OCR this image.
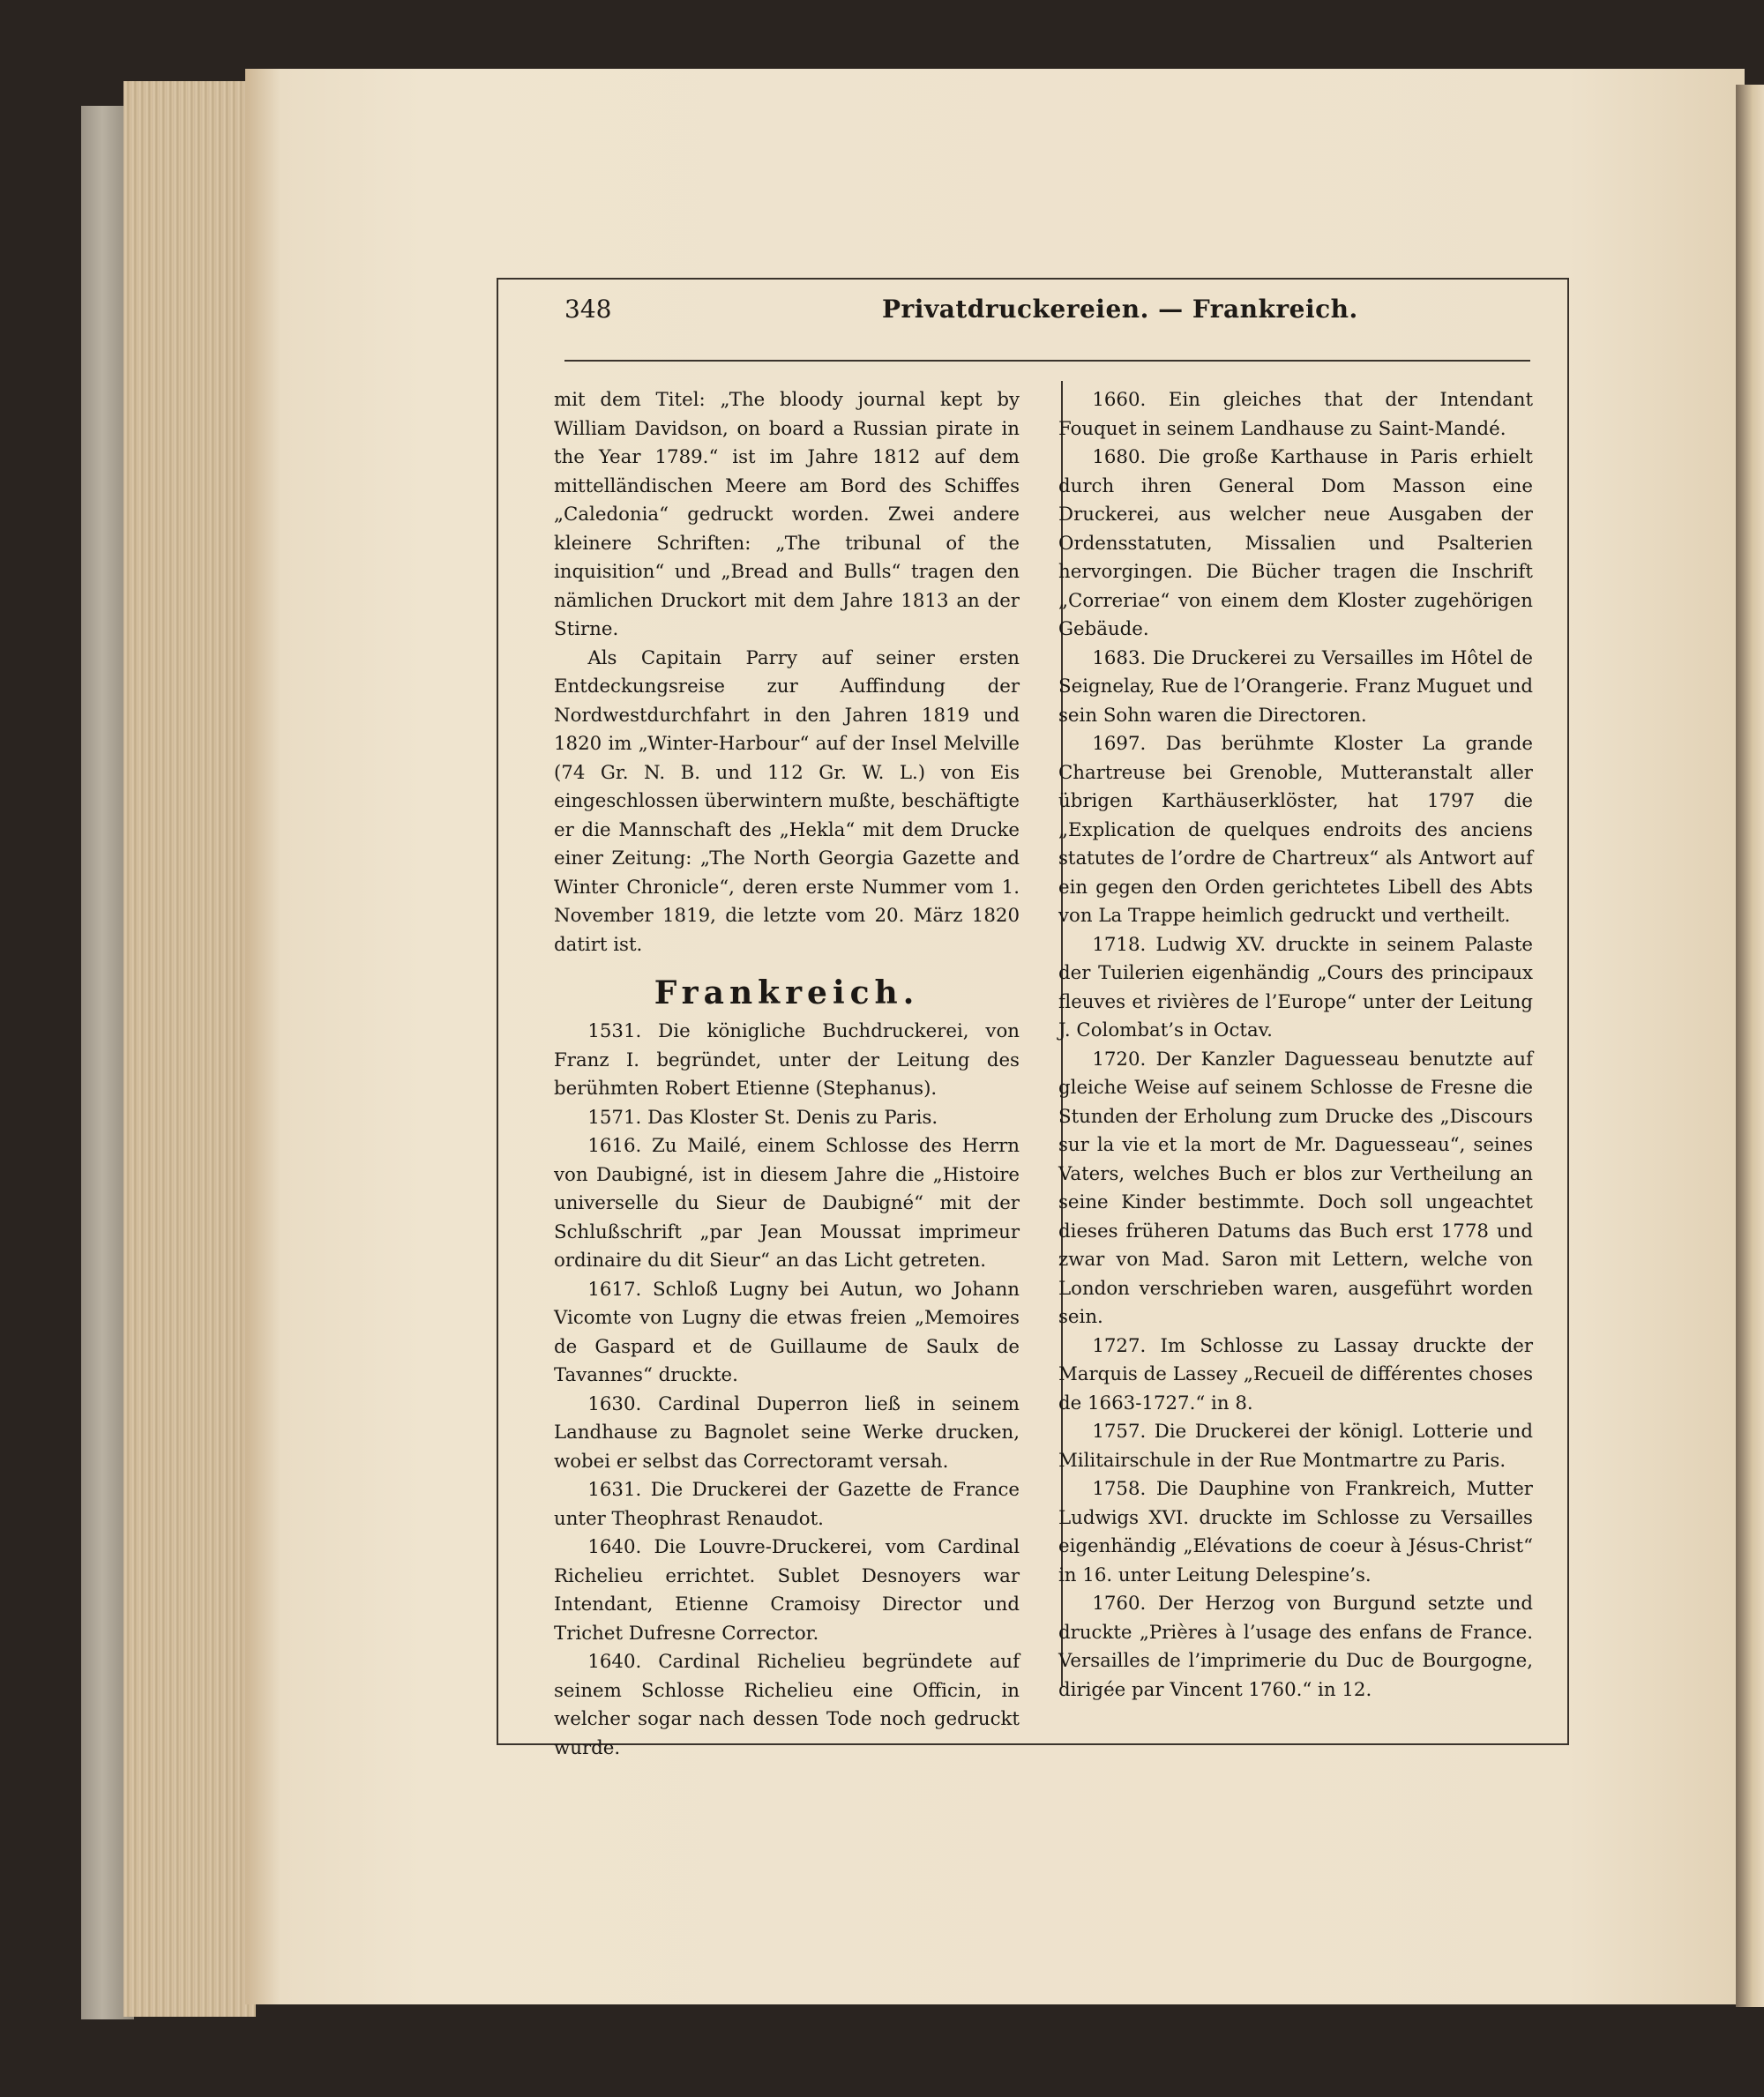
348	Privatdruckereien. — Frankreich.

mit dem Titel: „The bloody journal kept by William Davidson, on board a Russian pirate in the Year 1789.“ ist im Jahre 1812 auf dem mittelländischen Meere am Bord des Schiffes „Caledonia“ gedruckt worden. Zwei andere kleinere Schriften: „The tribunal of the inquisition“ und „Bread and Bulls“ tragen den nämlichen Druckort mit dem Jahre 1813 an der Stirne.

Als Capitain Parry auf seiner ersten Entdeckungsreise zur Auffindung der Nordwestdurchfahrt in den Jahren 1819 und 1820 im „Winter-Harbour“ auf der Insel Melville (74 Gr. N. B. und 112 Gr. W. L.) von Eis eingeschlossen überwintern mußte, beschäftigte er die Mannschaft des „Hekla“ mit dem Drucke einer Zeitung: „The North Georgia Gazette and Winter Chronicle“, deren erste Nummer vom 1. November 1819, die letzte vom 20. März 1820 datirt ist.

Frankreich.

1531. Die königliche Buchdruckerei, von Franz I. begründet, unter der Leitung des berühmten Robert Etienne (Stephanus).

1571. Das Kloster St. Denis zu Paris.

1616. Zu Mailé, einem Schlosse des Herrn von Daubigné, ist in diesem Jahre die „Histoire universelle du Sieur de Daubigné“ mit der Schlußschrift „par Jean Moussat imprimeur ordinaire du dit Sieur“ an das Licht getreten.

1617. Schloß Lugny bei Autun, wo Johann Vicomte von Lugny die etwas freien „Memoires de Gaspard et de Guillaume de Saulx de Tavannes“ druckte.

1630. Cardinal Duperron ließ in seinem Landhause zu Bagnolet seine Werke drucken, wobei er selbst das Correctoramt versah.

1631. Die Druckerei der Gazette de France unter Theophrast Renaudot.

1640. Die Louvre-Druckerei, vom Cardinal Richelieu errichtet. Sublet Desnoyers war Intendant, Etienne Cramoisy Director und Trichet Dufresne Corrector.

1640. Cardinal Richelieu begründete auf seinem Schlosse Richelieu eine Officin, in welcher sogar nach dessen Tode noch gedruckt wurde.

1660. Ein gleiches that der Intendant Fouquet in seinem Landhause zu Saint-Mandé.

1680. Die große Karthause in Paris erhielt durch ihren General Dom Masson eine Druckerei, aus welcher neue Ausgaben der Ordensstatuten, Missalien und Psalterien hervorgingen. Die Bücher tragen die Inschrift „Correriae“ von einem dem Kloster zugehörigen Gebäude.

1683. Die Druckerei zu Versailles im Hôtel de Seignelay, Rue de l’Orangerie. Franz Muguet und sein Sohn waren die Directoren.

1697. Das berühmte Kloster La grande Chartreuse bei Grenoble, Mutteranstalt aller übrigen Karthäuserklöster, hat 1797 die „Explication de quelques endroits des anciens statutes de l’ordre de Chartreux“ als Antwort auf ein gegen den Orden gerichtetes Libell des Abts von La Trappe heimlich gedruckt und vertheilt.

1718. Ludwig XV. druckte in seinem Palaste der Tuilerien eigenhändig „Cours des principaux fleuves et rivières de l’Europe“ unter der Leitung J. Colombat’s in Octav.

1720. Der Kanzler Daguesseau benutzte auf gleiche Weise auf seinem Schlosse de Fresne die Stunden der Erholung zum Drucke des „Discours sur la vie et la mort de Mr. Daguesseau“, seines Vaters, welches Buch er blos zur Vertheilung an seine Kinder bestimmte. Doch soll ungeachtet dieses früheren Datums das Buch erst 1778 und zwar von Mad. Saron mit Lettern, welche von London verschrieben waren, ausgeführt worden sein.

1727. Im Schlosse zu Lassay druckte der Marquis de Lassey „Recueil de différentes choses de 1663-1727.“ in 8.

1757. Die Druckerei der königl. Lotterie und Militairschule in der Rue Montmartre zu Paris.

1758. Die Dauphine von Frankreich, Mutter Ludwigs XVI. druckte im Schlosse zu Versailles eigenhändig „Elévations de coeur à Jésus-Christ“ in 16. unter Leitung Delespine’s.

1760. Der Herzog von Burgund setzte und druckte „Prières à l’usage des enfans de France. Versailles de l’imprimerie du Duc de Bourgogne, dirigée par Vincent 1760.“ in 12.
